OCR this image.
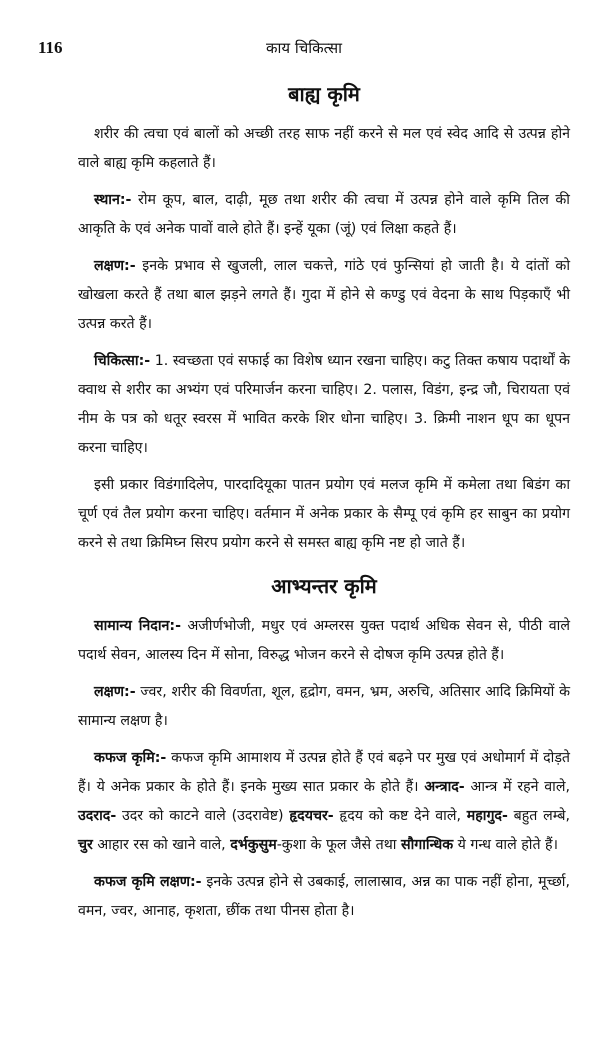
116	काय चिकित्सा
बाह्य कृमि

शरीर की त्वचा एवं बालों को अच्छी तरह साफ नहीं करने से मल एवं स्वेद आदि से उत्पन्न होने वाले बाह्य कृमि कहलाते हैं।

स्थान:- रोम कूप, बाल, दाढ़ी, मूछ तथा शरीर की त्वचा में उत्पन्न होने वाले कृमि तिल की आकृति के एवं अनेक पावों वाले होते हैं। इन्हें यूका (जूं) एवं लिक्षा कहते हैं।

लक्षण:- इनके प्रभाव से खुजली, लाल चकत्ते, गांठे एवं फुन्सियां हो जाती है। ये दांतों को खोखला करते हैं तथा बाल झड़ने लगते हैं। गुदा में होने से कण्डु एवं वेदना के साथ पिड़काएँ भी उत्पन्न करते हैं।

चिकित्सा:- 1. स्वच्छता एवं सफाई का विशेष ध्यान रखना चाहिए। कटु तिक्त कषाय पदार्थों के क्वाथ से शरीर का अभ्यंग एवं परिमार्जन करना चाहिए। 2. पलास, विडंग, इन्द्र जौ, चिरायता एवं नीम के पत्र को धतूर स्वरस में भावित करके शिर धोना चाहिए। 3. क्रिमी नाशन धूप का धूपन करना चाहिए।

इसी प्रकार विडंगादिलेप, पारदादियूका पातन प्रयोग एवं मलज कृमि में कमेला तथा बिडंग का चूर्ण एवं तैल प्रयोग करना चाहिए। वर्तमान में अनेक प्रकार के सैम्पू एवं कृमि हर साबुन का प्रयोग करने से तथा क्रिमिघ्न सिरप प्रयोग करने से समस्त बाह्य कृमि नष्ट हो जाते हैं।

आभ्यन्तर कृमि

सामान्य निदान:- अजीर्णभोजी, मधुर एवं अम्लरस युक्त पदार्थ अधिक सेवन से, पीठी वाले पदार्थ सेवन, आलस्य दिन में सोना, विरुद्ध भोजन करने से दोषज कृमि उत्पन्न होते हैं।

लक्षण:- ज्वर, शरीर की विवर्णता, शूल, हृद्रोग, वमन, भ्रम, अरुचि, अतिसार आदि क्रिमियों के सामान्य लक्षण है।

कफज कृमि:- कफज कृमि आमाशय में उत्पन्न होते हैं एवं बढ़ने पर मुख एवं अधोमार्ग में दोड़ते हैं। ये अनेक प्रकार के होते हैं। इनके मुख्य सात प्रकार के होते हैं। अन्त्राद- आन्त्र में रहने वाले, उदराद- उदर को काटने वाले (उदरावेष्ट) हृदयचर- हृदय को कष्ट देने वाले, महागुद- बहुत लम्बे, चुर आहार रस को खाने वाले, दर्भकुसुम-कुशा के फूल जैसे तथा सौगान्धिक ये गन्ध वाले होते हैं।

कफज कृमि लक्षण:- इनके उत्पन्न होने से उबकाई, लालास्राव, अन्न का पाक नहीं होना, मूर्च्छा, वमन, ज्वर, आनाह, कृशता, छींक तथा पीनस होता है।
